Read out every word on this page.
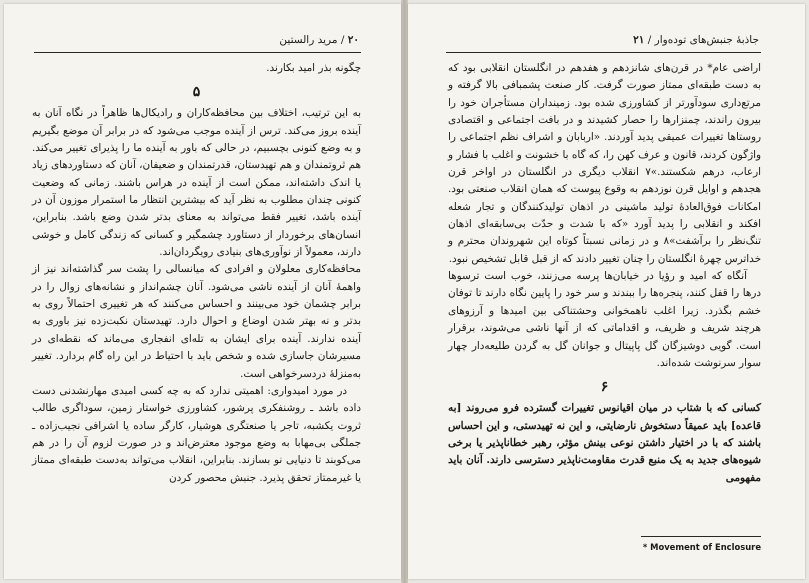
۲۰ / مرید رالستین

چگونه بذر امید بکارند.

۵

به این ترتیب، اختلاف بین محافظه‌کاران و رادیکال‌ها ظاهراً در نگاه آنان به آینده بروز می‌کند. ترس از آینده موجب می‌شود که در برابر آن موضع بگیریم و به وضع کنونی بچسبیم، در حالی که باور به آینده ما را پذیرای تغییر می‌کند. هم ثروتمندان و هم تهیدستان، قدرتمندان و ضعیفان، آنان که دستاوردهای زیاد یا اندک داشته‌اند، ممکن است از آینده در هراس باشند. زمانی که وضعیت کنونی چندان مطلوب به نظر آید که بیشترین انتظار ما استمرار موزون آن در آینده باشد، تغییر فقط می‌تواند به معنای بدتر شدن وضع باشد. بنابراین، انسان‌های برخوردار از دستاورد چشمگیر و کسانی که زندگی کامل و خوشی دارند، معمولاً از نوآوری‌های بنیادی رویگردان‌اند.

محافظه‌کاری معلولان و افرادی که میانسالی را پشت سر گذاشته‌اند نیز از واهمهٔ آنان از آینده ناشی می‌شود. آنان چشم‌انداز و نشانه‌های زوال را در برابر چشمان خود می‌بینند و احساس می‌کنند که هر تغییری احتمالاً روی به بدتر و نه بهتر شدن اوضاع و احوال دارد. تهیدستان نکبت‌زده نیز باوری به آینده ندارند. آینده برای ایشان به تله‌ای انفجاری می‌ماند که نقطه‌ای در مسیرشان جاسازی شده و شخص باید با احتیاط در این راه گام بردارد. تغییر به‌منزلهٔ دردسرخواهی است.

در مورد امیدواری: اهمیتی ندارد که به چه کسی امیدی مهارنشدنی دست داده باشد ـ روشنفکری پرشور، کشاورزی خواستار زمین، سوداگری طالب ثروت یکشبه، تاجر یا صنعتگری هوشیار، کارگر ساده یا اشرافی نجیب‌زاده ـ جملگی بی‌مهابا به وضع موجود معترض‌اند و در صورت لزوم آن را در هم می‌کوبند تا دنیایی نو بسازند. بنابراین، انقلاب می‌تواند به‌دست طبقه‌ای ممتاز یا غیرممتاز تحقق پذیرد. جنبش محصور کردن

جاذبهٔ جنبش‌های توده‌وار / ۲۱

اراضی عام* در قرن‌های شانزدهم و هفدهم در انگلستان انقلابی بود که به دست طبقه‌ای ممتاز صورت گرفت. کار صنعت پشمبافی بالا گرفته و مرتع‌داری سودآورتر از کشاورزی شده بود. زمینداران مستأجران خود را بیرون راندند، چمنزارها را حصار کشیدند و در بافت اجتماعی و اقتصادی روستاها تغییرات عمیقی پدید آوردند. «اربابان و اشراف نظم اجتماعی را واژگون کردند، قانون و عرف کهن را، که گاه با خشونت و اغلب با فشار و ارعاب، درهم شکستند.»۷ انقلاب دیگری در انگلستان در اواخر قرن هجدهم و اوایل قرن نوزدهم به وقوع پیوست که همان انقلاب صنعتی بود. امکانات فوق‌العادهٔ تولید ماشینی در اذهان تولیدکنندگان و تجار شعله افکند و انقلابی را پدید آورد «که با شدت و حدّت بی‌سابقه‌ای اذهان تنگ‌نظر را برآشفت»۸ و در زمانی نسبتاً کوتاه این شهروندان محترم و خداترس چهرهٔ انگلستان را چنان تغییر دادند که از قبل قابل تشخیص نبود.

آنگاه که امید و رؤیا در خیابان‌ها پرسه می‌زنند، خوب است ترسوها درها را قفل کنند، پنجره‌ها را ببندند و سر خود را پایین نگاه دارند تا توفان خشم بگذرد. زیرا اغلب ناهمخوانی وحشتناکی بین امیدها و آرزوهای هرچند شریف و ظریف، و اقداماتی که از آنها ناشی می‌شوند، برقرار است. گویی دوشیزگان گل پاپیتال و جوانان گل به گردن طلیعه‌دار چهار سوار سرنوشت شده‌اند.

۶

کسانی که با شتاب در میان اقیانوس تغییرات گسترده فرو می‌روند [به قاعده] باید عمیقاً دستخوش نارضایتی، و این نه تهیدستی، و این احساس باشند که با در اختیار داشتن نوعی بینش مؤثر، رهبر خطاناپذیر یا برخی شیوه‌های جدید به یک منبع قدرت مقاومت‌ناپذیر دسترسی دارند. آنان باید مفهومی

* Movement of Enclosure
